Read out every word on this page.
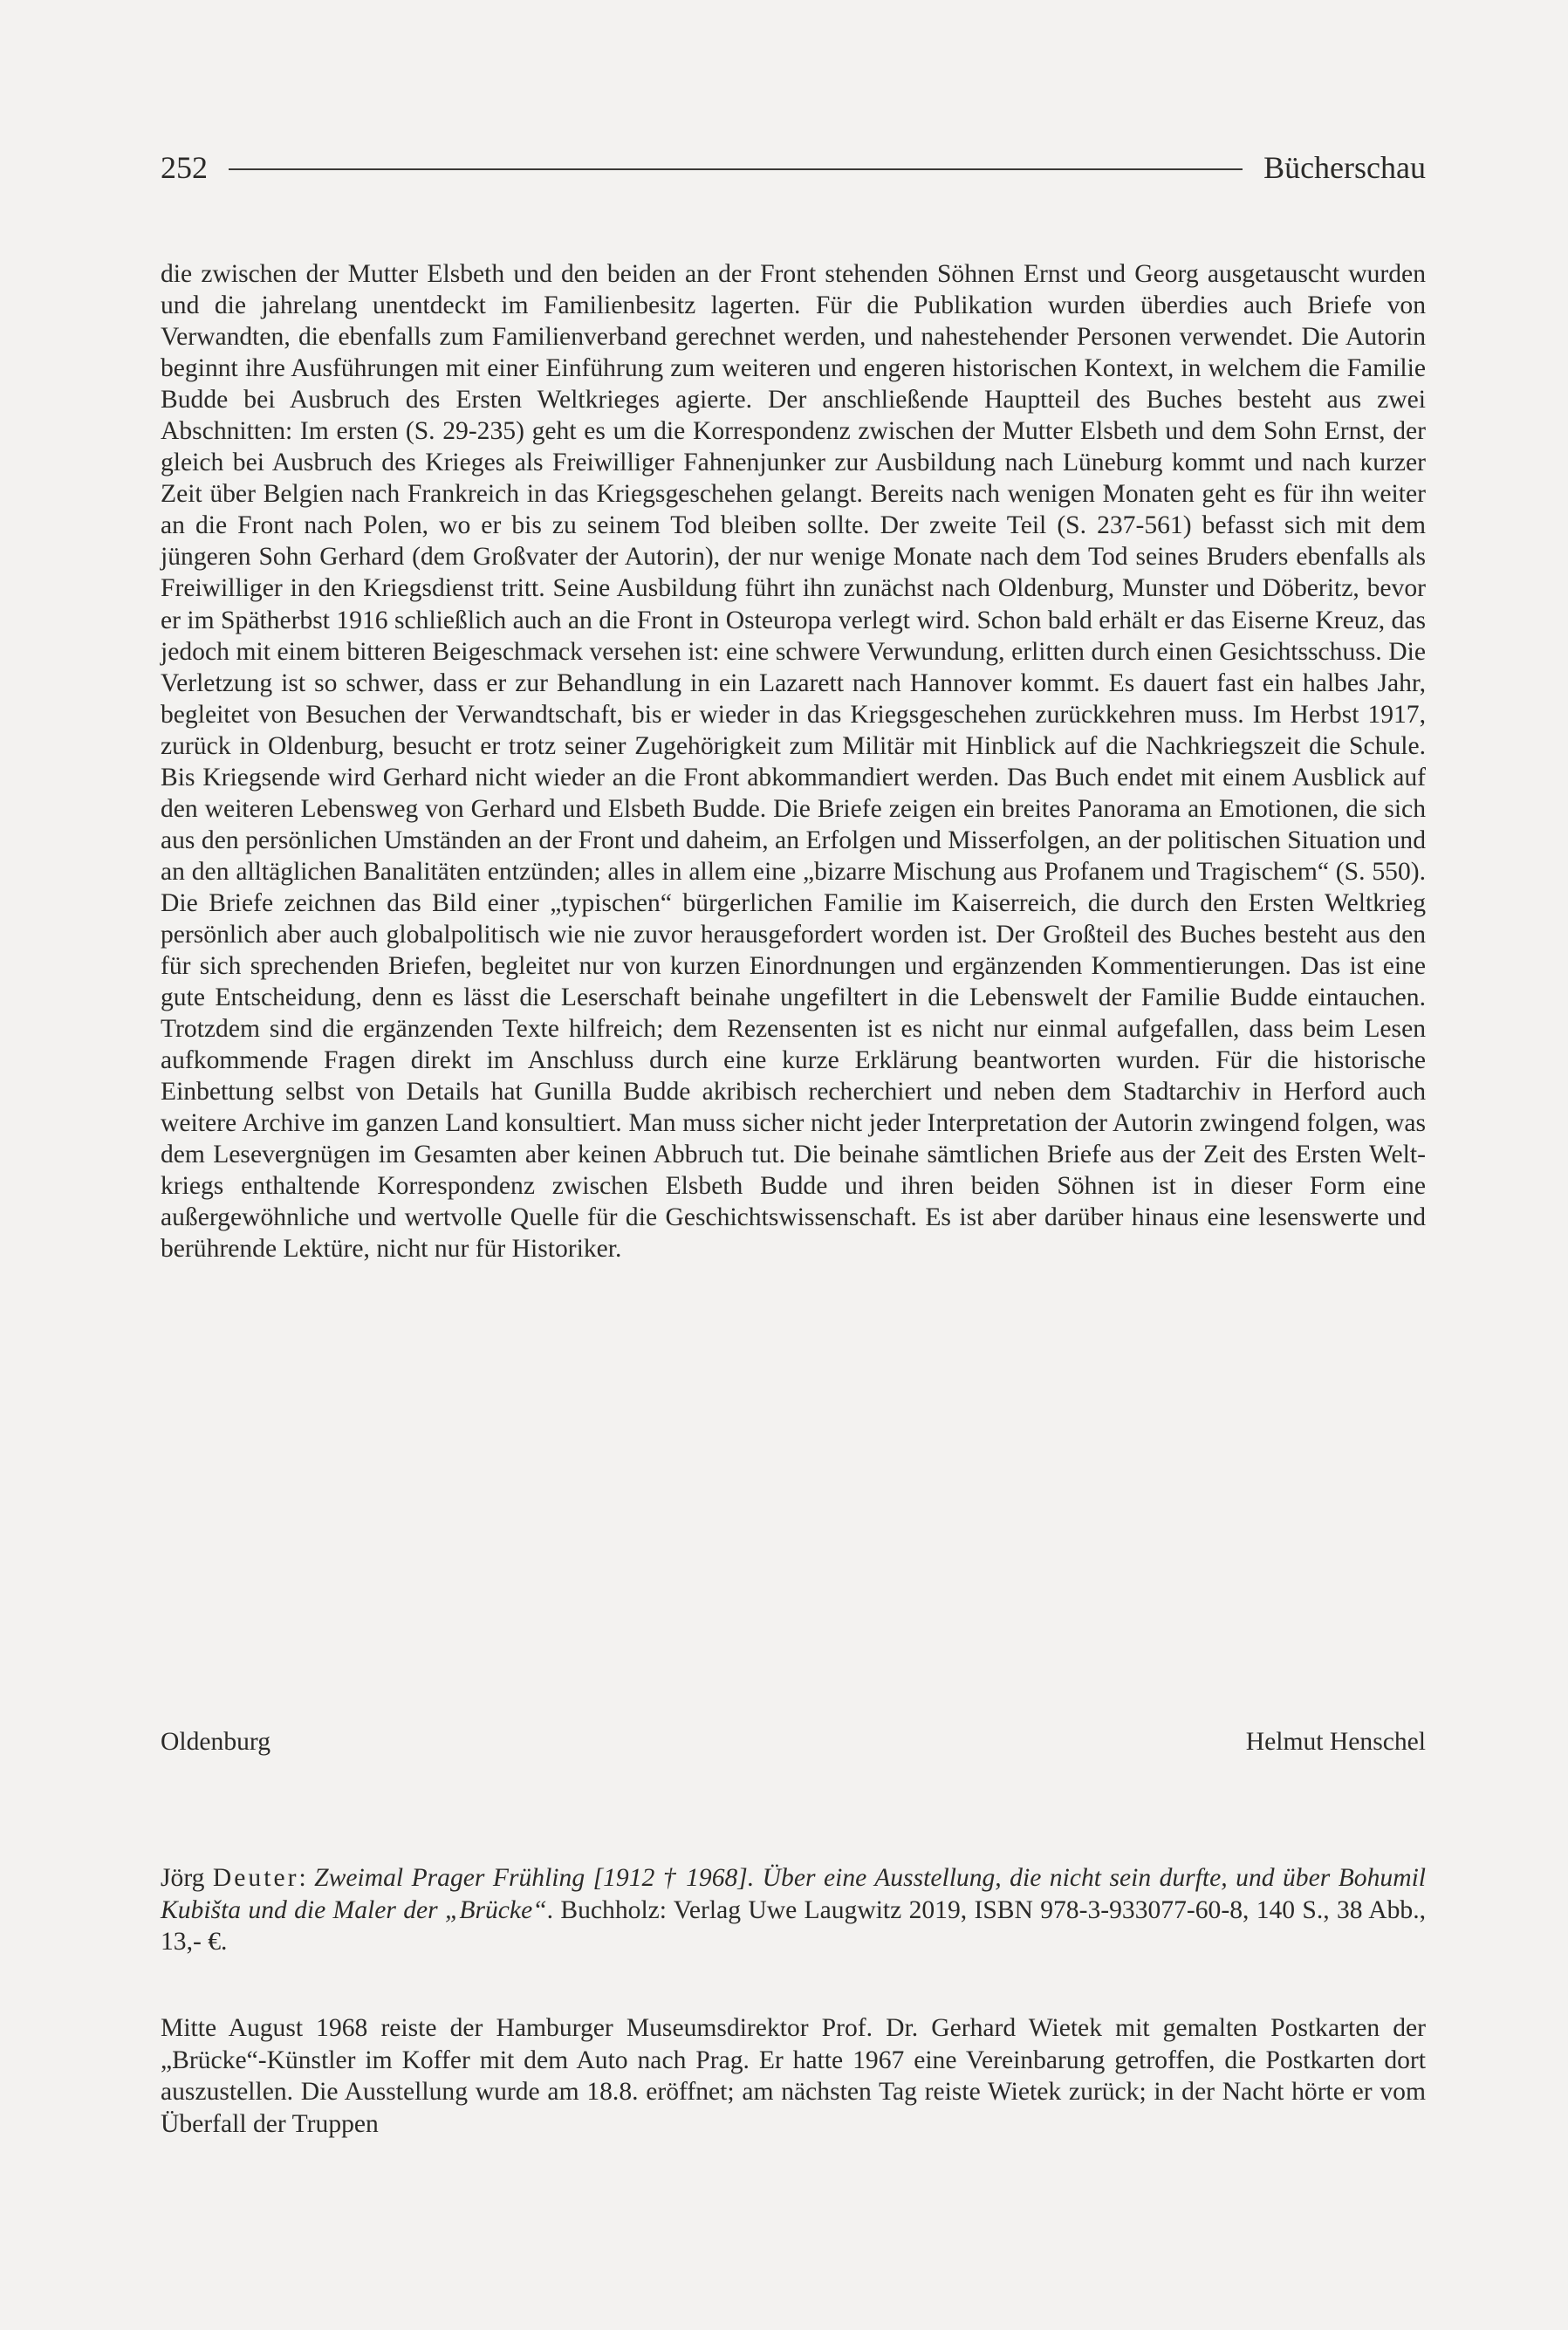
252	Bücherschau

die zwischen der Mutter Elsbeth und den beiden an der Front stehenden Söhnen Ernst und Georg ausgetauscht wurden und die jahrelang unentdeckt im Familienbesitz lagerten. Für die Publikation wurden überdies auch Briefe von Verwandten, die ebenfalls zum Familienverband gerechnet werden, und nahestehender Personen verwendet. Die Autorin beginnt ihre Ausführungen mit einer Einführung zum weiteren und engeren historischen Kontext, in welchem die Familie Budde bei Ausbruch des Ersten Weltkrieges agierte. Der anschließende Hauptteil des Buches besteht aus zwei Abschnitten: Im ersten (S. 29-235) geht es um die Korrespondenz zwischen der Mutter Elsbeth und dem Sohn Ernst, der gleich bei Ausbruch des Krieges als Freiwilliger Fahnenjunker zur Ausbildung nach Lüneburg kommt und nach kurzer Zeit über Belgien nach Frankreich in das Kriegsgeschehen gelangt. Bereits nach wenigen Monaten geht es für ihn weiter an die Front nach Polen, wo er bis zu seinem Tod bleiben sollte. Der zweite Teil (S. 237-561) befasst sich mit dem jüngeren Sohn Gerhard (dem Großvater der Autorin), der nur wenige Monate nach dem Tod seines Bruders ebenfalls als Freiwilliger in den Kriegsdienst tritt. Seine Ausbildung führt ihn zunächst nach Oldenburg, Munster und Döberitz, bevor er im Spätherbst 1916 schließlich auch an die Front in Osteuropa verlegt wird. Schon bald erhält er das Eiserne Kreuz, das jedoch mit einem bitteren Beigeschmack versehen ist: eine schwere Verwundung, erlitten durch einen Gesichtsschuss. Die Verletzung ist so schwer, dass er zur Behandlung in ein Lazarett nach Hannover kommt. Es dauert fast ein halbes Jahr, begleitet von Besuchen der Verwandtschaft, bis er wieder in das Kriegsgeschehen zurückkehren muss. Im Herbst 1917, zurück in Oldenburg, besucht er trotz seiner Zugehörigkeit zum Militär mit Hinblick auf die Nachkriegszeit die Schule. Bis Kriegsende wird Gerhard nicht wieder an die Front abkommandiert werden. Das Buch endet mit einem Ausblick auf den weiteren Lebensweg von Gerhard und Elsbeth Budde. Die Briefe zeigen ein breites Panorama an Emotionen, die sich aus den persönlichen Umständen an der Front und daheim, an Erfolgen und Misserfolgen, an der politischen Situation und an den alltäglichen Banalitäten entzünden; alles in allem eine „bizarre Mischung aus Profanem und Tragischem“ (S. 550). Die Briefe zeichnen das Bild einer „typischen“ bürgerlichen Familie im Kaiserreich, die durch den Ersten Weltkrieg persönlich aber auch globalpolitisch wie nie zuvor herausgefordert worden ist. Der Großteil des Buches besteht aus den für sich sprechenden Briefen, begleitet nur von kurzen Einordnungen und ergänzenden Kommentierungen. Das ist eine gute Entscheidung, denn es lässt die Leserschaft beinahe ungefiltert in die Lebenswelt der Familie Budde eintauchen. Trotzdem sind die ergänzenden Texte hilfreich; dem Rezensenten ist es nicht nur einmal aufgefallen, dass beim Lesen aufkommende Fragen direkt im Anschluss durch eine kurze Erklärung beantworten wurden. Für die historische Einbettung selbst von Details hat Gunilla Budde akribisch recherchiert und neben dem Stadtarchiv in Herford auch weitere Archive im ganzen Land konsultiert. Man muss sicher nicht jeder Interpretation der Autorin zwingend folgen, was dem Lesevergnügen im Gesamten aber keinen Abbruch tut. Die beinahe sämtlichen Briefe aus der Zeit des Ersten Weltkriegs enthaltende Korrespondenz zwischen Elsbeth Budde und ihren beiden Söhnen ist in dieser Form eine außergewöhnliche und wertvolle Quelle für die Geschichtswissenschaft. Es ist aber darüber hinaus eine lesenswerte und berührende Lektüre, nicht nur für Historiker.

Oldenburg	Helmut Henschel

Jörg Deuter: Zweimal Prager Frühling [1912 † 1968]. Über eine Ausstellung, die nicht sein durfte, und über Bohumil Kubišta und die Maler der „Brücke“. Buchholz: Verlag Uwe Laugwitz 2019, ISBN 978-3-933077-60-8, 140 S., 38 Abb., 13,- €.

Mitte August 1968 reiste der Hamburger Museumsdirektor Prof. Dr. Gerhard Wietek mit gemalten Postkarten der „Brücke“-Künstler im Koffer mit dem Auto nach Prag. Er hatte 1967 eine Vereinbarung getroffen, die Postkarten dort auszustellen. Die Ausstellung wurde am 18.8. eröffnet; am nächsten Tag reiste Wietek zurück; in der Nacht hörte er vom Überfall der Truppen
